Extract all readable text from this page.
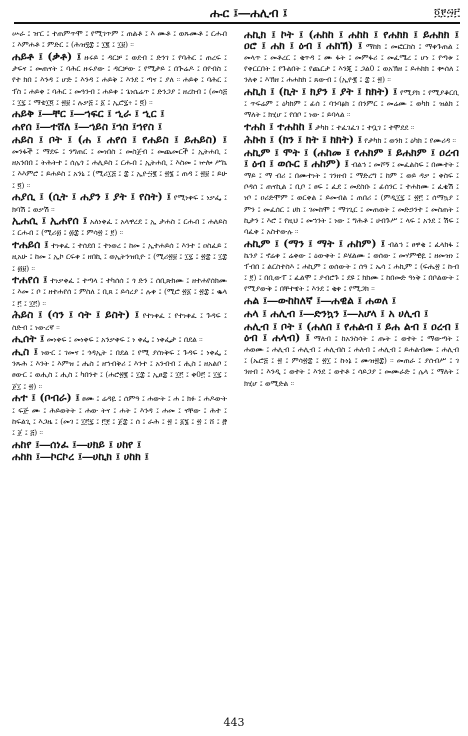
ሑር ፤―ሐሊብ ፤	፬፻፵፫

ሡራ ፤ ዠር ፤ ተጠምጥሞ ፤ የሚገጥም ፤ ጠልቶ ፤ እ ሙቶ ፤ ወጹሙቶ ፤ ርሑበ ፤ እምሐቶ ፤ ምድር ፤ (ሕዝ፶፰ ፤ ፲፪ ፤ ፲፱) ።

ሐይቶ ፤ (ቃቶ) ፤ ዙሩይ ፤ ዳርቻ ፤ ወደብ ፤ ድንገ ፤ የባሕር ፤ ጠረፍ ፤ ታፍና ፤ መጠናት ፤ ባሕር ዙሩያው ፤ ዳርቻው ፤ የሚታይ ፤ በጕሬዶ ፤ በየብስ ፤ የተ ክበ ፤ እንዳ ፤ ሆድ ፤ እንዳ ፤ ሐይቅ ፤ እንደ ፤ ጣና ፤ ያለ ። ሐይቀ ፤ ባሕር ፤ ፕስ ፤ ሐይቀ ፤ ባሕር ፤ መጓንብ ፤ ሐይቀ ፤ ጌነሴሬጥ ፤ ድንጋያ ፤ ዘረከብ ፤ (መሳ፭ ፤ ፲፯ ፤ ማቴ፲፬ ፤ ፳፱ ፤ ሉቃ፭ ፤ ፩ ፤ ኢሮ፯፥ ፤ ፬) ።

ሐይቅ ፤―ቸር ፤―ኀፍር ፤ ኂራ ፤ ኂር ፤

ሐየሰ ፤―ተሸለ ፤―ኀይስ ፤ኀስ ፤ኀየስ ፤

ሐይስ ፤ ቦት ፤ (ሐ ፤ ሐየሰ ፤ የሐይስ ፤ ይሐይስ) ፤ መንፋች ፤ ማደፍ ፤ ንግጠር ፤ መነበስ ፤ መስጀብ ፤ መጨመርች ፤ ኢትሐቢ ፤ ዘአንበበ ፤ ትሕትተ ፤ ሰሌጎ ፤ ሐሊይስ ፤ ርሑበ ፤ ኢትሐቢ ፤ እስመ ፤ ኵሎ ሥኬ ፤ እእምሮ ፤ ይሐይስ ፤ አንኒ ፤ (ሚሪ፲፭ ፤ ፰ ፤ ኢዮ፵፪ ፤ ፳፮ ፤ ጠዳ ፤ ፳፱ ፤ ይሁ ፤ ፬) ።

ሐያሲ ፤ (ሲት ፤ ሐያን ፤ ያት ፤ የስት) ፤ የሚነቀፍ ፤ ነቃፌ ፤ ክባሽ ፤ ወቃሽ ።

ኢሐሲ ፤ ኢሐየሰ ፤ አለነቀፈ ፤ አላዋረደ ፤ ኢ ታሐስ ፤ ርሑበ ፤ ሐለይስ ፤ ርሑበ ፤ (ሚሪ፴ ፤ ፴፰ ፤ ምሳ፳ ፤ ፻) ።

ተሐይሰ ፤ ተነቀፈ ፤ ተሰደበ ፤ ተነወረ ፤ ከመ ፤ ኢተሐይሰ ፤ እንተ ፤ ዐስፈይ ፤ ዚአሁ ፤ ከመ ፤ ኢኮ ርፍቀ ፤ ዘበኪ ፤ ወኢትንዝቢዮ ፤ (ሚሪ፳፱ ፤ ፲፯ ፤ ፳፰ ፤ ፲፰ ፤ ፴፱) ።

ተሐየሰ ፤ ተነቃቀፈ ፤ ተጣላ ፤ ተካሰሰ ፤ ጎ ድን ፤ ሰቢጽክሙ ፤ ዘተሐየሰክሙ ፤ እመ ፤ ቦ ፤ ዘተሐየሰ ፤ ምስለ ፤ ቢጸ ፤ ይሳረያ ፤ ሉቀ ፤ (ሚሮ ፳፩ ፤ ፳፰ ፤ ቈላ ፤ ፫ ፤ ፲፫) ።

ሕይስ ፤ (ሳን ፤ ሳት ፤ ይስት) ፤ የተነቀፈ ፤ የተነቀፈ ፤ ጉዳፍ ፤ ስድብ ፤ ነውረኛ ።

ሒሰት ፤ መነቀፍ ፤ መነቀፍ ፤ አንቃቀፍ ፤ ነ ቀፌ ፤ ነቀፌታ ፤ በደል ።

ሒስ ፤ ነውር ፤ ገመና ፤ ጎዳኢት ፤ በደል ፤ የሚ ያሰነቅፍ ፤ ጉዳፍ ፤ ነቀፌ ፤ ንጹሕ ፤ እንት ፤ እምዝ ፤ ሔስ ፤ ዘኀብቅሪ ፤ እንተ ፤ አንብብ ፤ ሒስ ፤ ዘአልቦ ፤ ፀውር ፤ ወሒስ ፤ ሒስ ፤ ካበንተ ፤ (ሐሮ፳፪ ፤ ፲፰ ፤ ኢፀ፰ ፤ ፲፫ ፤ ቀ0፫ ፤ ፲፯ ፤ ጀ፲ ፤ ፳) ።

ሐተ ፤ (ቦብራ) ፤ ፀሙ ፤ ሬዳዬ ፤ ሰምዓ ፤ ሐውት ፤ ሐ ፤ ክፉ ፤ ሐዶውት ፤ ፍጅ ሙ ፤ ሕይወትት ፤ ሐው ትና ፤ ሐት ፤ እንዳ ፤ ሐመ ፤ ናቸው ፤ ሕተ ፤ ከፍልጊ ፤ እጋዜ ፤ (መገ ፤ ፲፫፯ ፤ ፫፻ ፤ ጀ፰ ፤ ሰ ፤ ራሕ ፤ ፳ ፤ ፩፮ ፤ ፳ ፤ ሸ ፤ ፸ ፤ ጀ ፤ ፭) ።

ሐከየ ፤―ሰነፈ ፤―ሀክይ ፤ ሀከየ ፤

ሐከክ ፤―ኮርኮረ ፤―ሀኪክ ፤ ሀከክ ፤

ሐኪክ ፤ ኮት ፤ (ሐከከ ፤ ሐከከ ፤ የሐክክ ፤ ይሐክክ ፤ ዐሮ ፤ ሐክ ፤ ዕብ ፤ ሐክኽ) ፤ ማከክ ፤ መፎርከስ ፤ ማቀጉጠል ፤ መላጥ ፤ መቶረር ፤ ቂጥዳ ፤ ሙ ፋት ፤ መምፋሪ ፤ መፈሜረ ፤ ሆነ ፤ የጣቱ ፤ የቀርርበት ፤ የጉልበት ፤ የጨርታ ፤ እንጂ ፤ ጋል0 ፤ ወአኽዘ ፤ ይሐክክ ፤ ቊሰለ ፤ ንለቀ ፤ እኽዘ ፤ ሐሐክክ ፤ ጸውብ ፤ (ኢዮ፪ ፤ ፰ ፤ ፳) ።

ሐኪከ ፤ (ኪት ፤ ክያን ፤ ያት ፤ ክክት) ፤ የሚያክ ፤ የሚያቆርቢ ፤ ጥፍሬም ፤ ዕካክም ፤ ፊሰ ፤ ባንባፅክ ፤ በንምር ፤ መሬሙ ፤ ወካክ ፤ ዝልክ ፤ ማለት ፤ ክሂሆ ፤ የበቦ ፤ ነው ፤ ይባላል ።

ተሐከ ፤ ተሐከከ ፤ ታካከ ፤ ተፈገፈገ ፤ ተቧገ ፤ ተሞደደ ።

ሕኩክ ፤ (ክን ፤ ክት ፤ ክክት) ፤ የታካክ ፤ ወንክ ፤ ዕካክ ፤ የሙሪዳ ።

ሐኪም ፤ ሞት ፤ (ሐከመ ፤ የሐክም ፤ ይሐክም ፤ ዐረብ ፤ ዕብ ፤ ወሱር ፤ ሐከም) ፤ ብልኅ ፤ መሾኝ ፤ መፈልስፍ ፤ በሙተት ፤ ማይ ፤ ማ ብሪ ፤ በሙተነት ፤ ገንዘብ ፤ ማድረግ ፤ ከም ፤ ወይ ዳቃ ፤ ቀስፍ ፤ ቦዳሰ ፤ ጠናኪል ፤ ቢቦ ፤ ፀፍ ፤ ፈደ ፤ መደስቡ ፤ ፊሰንር ፤ ተሐክሙ ፤ ፈቂሽ ፤ ነቦ ፤ ዐሪድሞም ፤ ወርቀል ፤ ይመብል ፤ ጠበሪ ፤ (ምዲ፲፯ ፤ ፳፫ ፤ ሰማኳያ ፤ ምን ፤ መፈሰር ፤ ሀክ ፤ ገመከሞ ፤ ማገጊር ፤ መጠወት ፤ መድኃንተ ፤ መስጠት ፤ ኪታን ፤ እሮ ፤ የዚህ ፤ መኀንት ፤ ነው ፤ ግሕቶ ፤ ሀብጉሥ ፤ ላፍ ፤ አንደ ፤ ሽፍ ፤ ባፈቀ ፤ አስተውሉ ።

ሐኪም ፤ (ማን ፤ ማት ፤ ሐከም) ፤ ብልኅ ፤ ፀዋቂ ፤ ፈላክፋ ፤ ኬንያ ፤ ኖሬቀ ፤ ሬቀው ፤ ዕውቀት ፤ ይሄልሙ ፤ ወሰው ፤ መሃምዊዬ ፤ ዘመዝነ ፤ ፕብበ ፤ ልርስተስእ ፤ ሐኪም ፤ ወሰውት ፤ ሰዓ ፤ ኤሳ ፤ ሐኪም ፤ (ፍሔ፳ ፤ ኩብ ፤ ፻) ፤ በቢውፐ ፤ ፈልሞ ፤ ያብሮጉ ፤ ደዩ ፤ ክክሙ ፤ ከበመድ ዓነቅ ፤ በቦልውት ፤ የሚያውቅ ፤ በቸተዌት ፤ እንደ ፤ ቂቀ ፤ የሚጋክ ።

ሐል ፤―ውከከለኛ ፤―ሐዊል ፤ ሐወለ ፤

ሐላ ፤ ሐሊብ ፤―ድንኳን ፤―አሆላ ፤ አ ሀሊብ ፤

ሐሊብ ፤ ቦት ፤ (ሐለበ ፤ የሐልብ ፤ ይሐ ልብ ፤ ዐረብ ፤ ዕብ ፤ ሐላብ) ፤ ማለብ ፤ ከአንስሳት ፤ ጡት ፤ ወተት ፤ ማውጣት ፤ ሐወሙ ፤ ሐሊብ ፤ ሐሊብ ፤ ሐሊብስ ፤ ሐለብ ፤ ሐሊብ ፤ ይሐልብሙ ፤ ሐሊብ ፤ (ኤሮ፭ ፤ ፳ ፤ ምሳ፳፰ ፤ ፳፲ ፤ ኩነኔ ፤ ሙዝ፳፰) ። መጠራ ፤ ያሰብሥ ፤ ገ ንዘብ ፤ እንዲ ፤ ወተት ፤ እንደ ፤ ወተቶ ፤ ሳይጋያ ፤ መሙራድ ፤ ሌላ ፤ ማለት ፤ ክሂሆ ፤ ወሚድል ።

443
